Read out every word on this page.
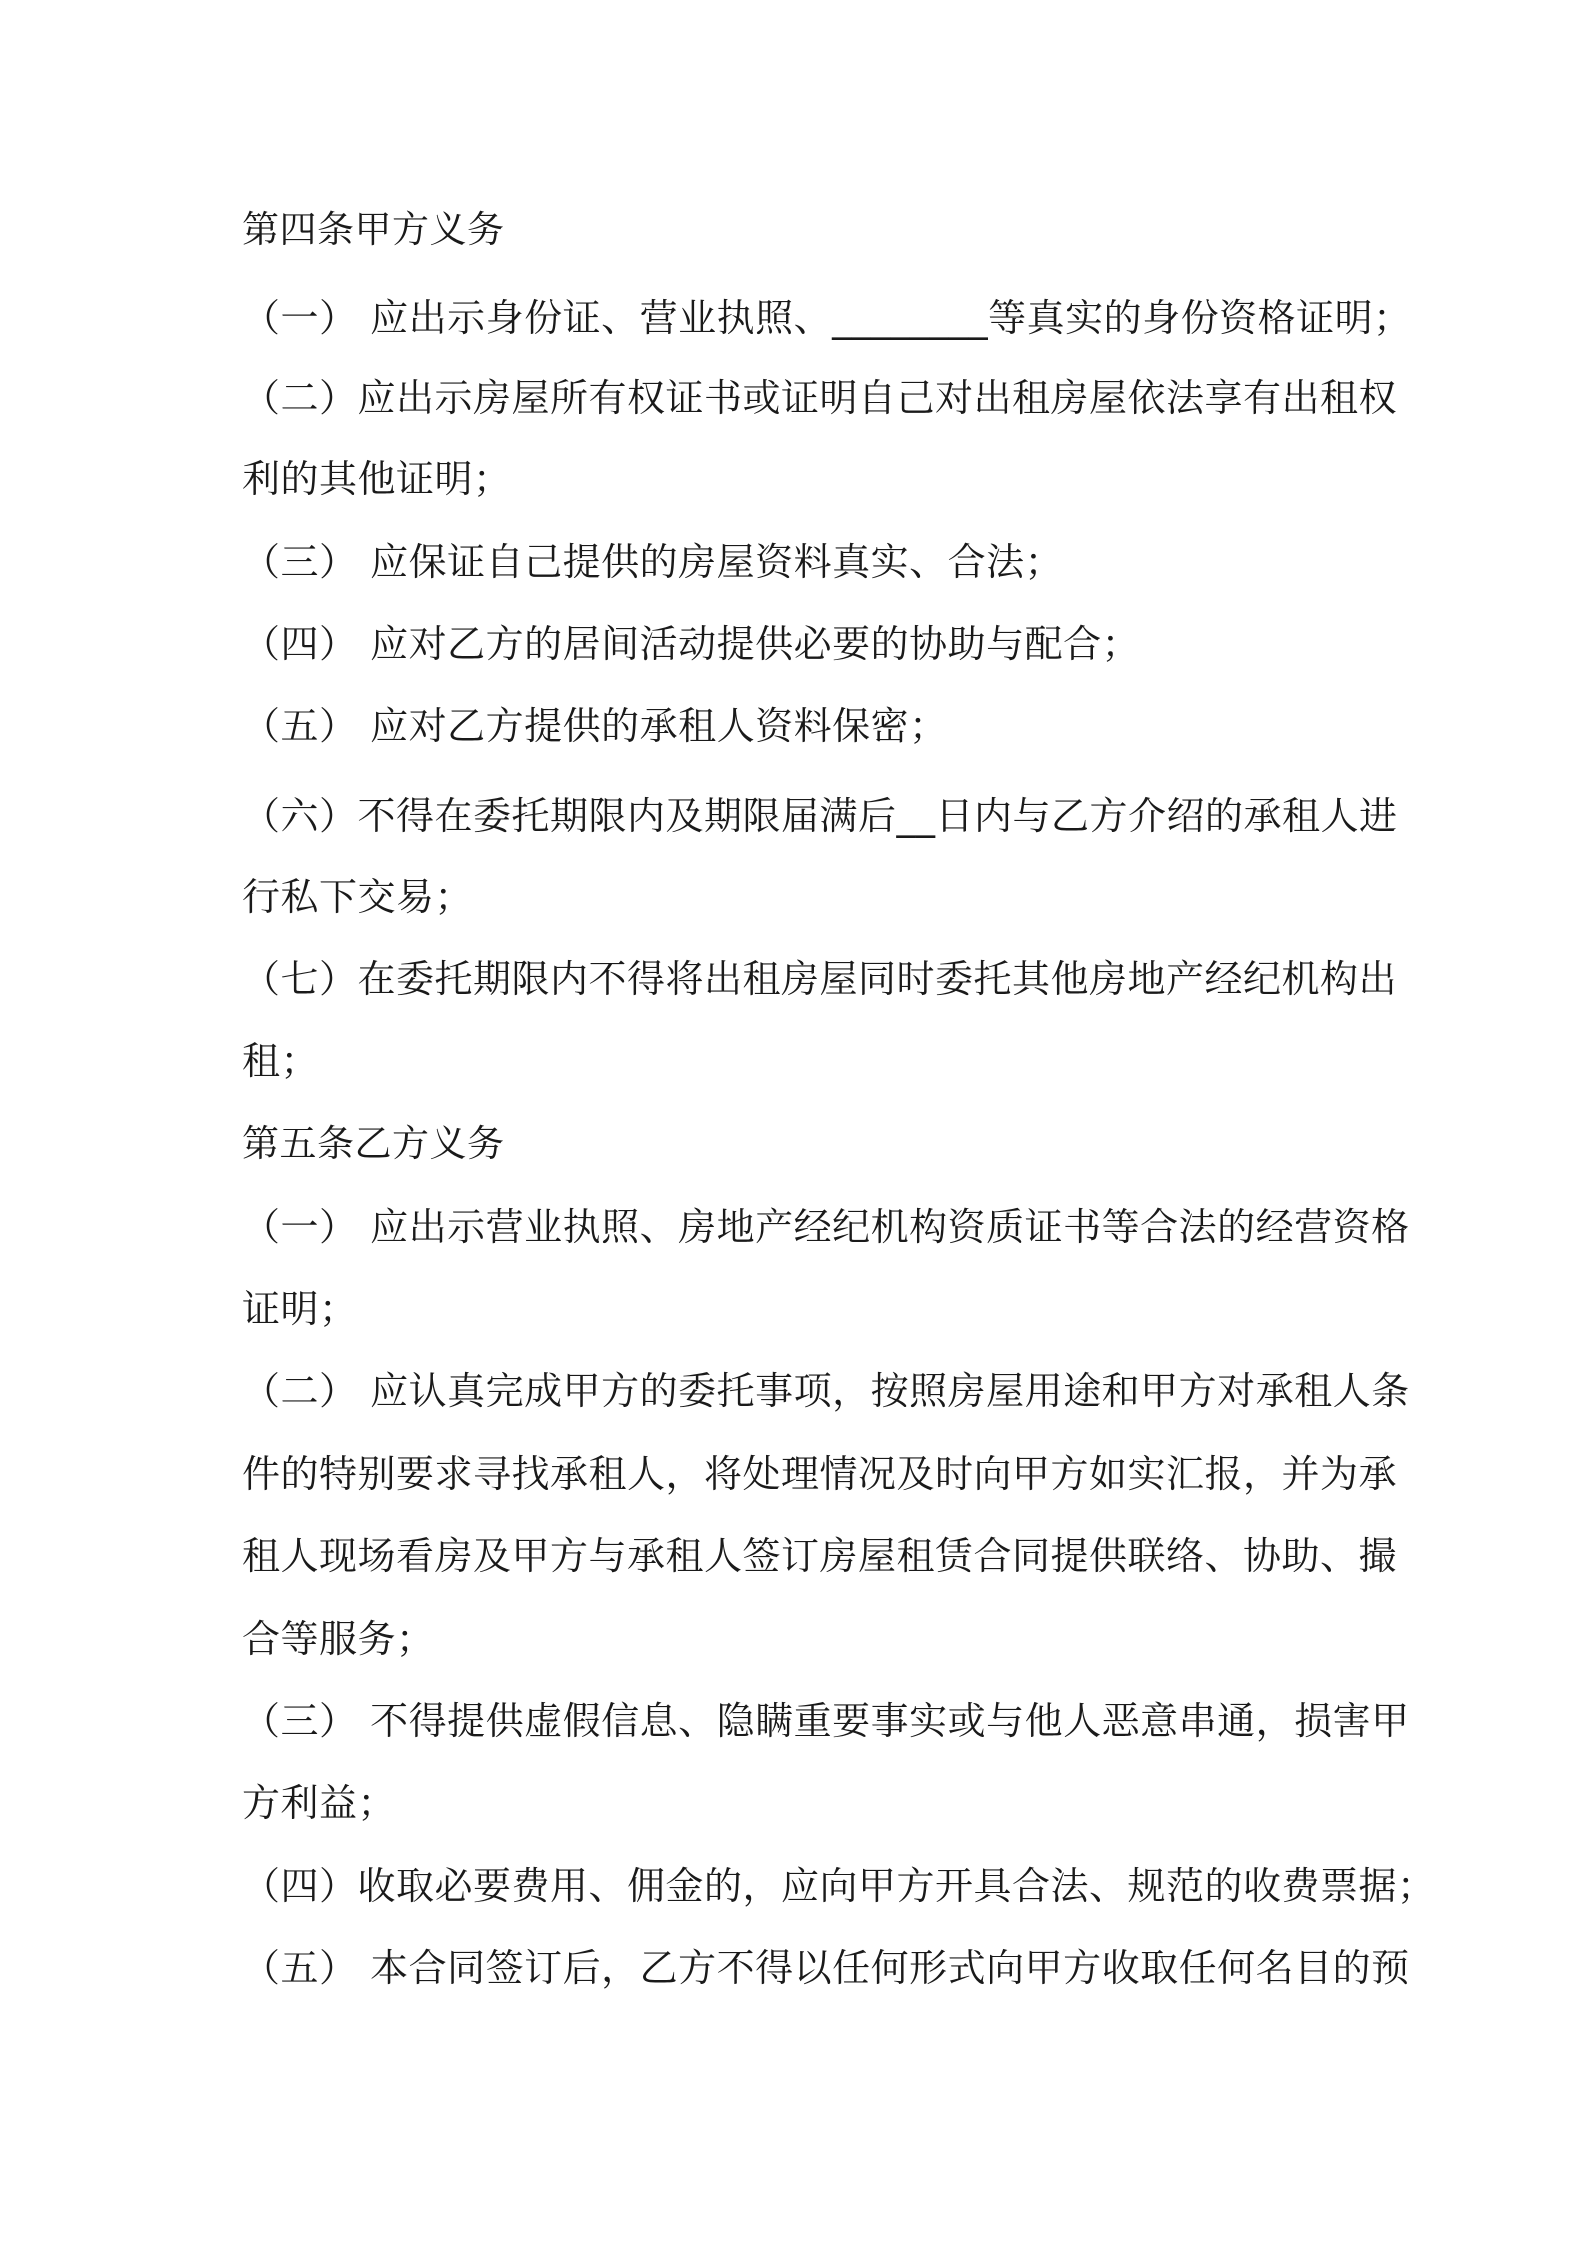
第四条甲方义务
（一） 应出示身份证、营业执照、________等真实的身份资格证明；
（二）应出示房屋所有权证书或证明自己对出租房屋依法享有出租权
利的其他证明；
（三） 应保证自己提供的房屋资料真实、合法；
（四） 应对乙方的居间活动提供必要的协助与配合；
（五） 应对乙方提供的承租人资料保密；
（六）不得在委托期限内及期限届满后__日内与乙方介绍的承租人进
行私下交易；
（七）在委托期限内不得将出租房屋同时委托其他房地产经纪机构出
租；
第五条乙方义务
（一） 应出示营业执照、房地产经纪机构资质证书等合法的经营资格
证明；
（二） 应认真完成甲方的委托事项，按照房屋用途和甲方对承租人条
件的特别要求寻找承租人，将处理情况及时向甲方如实汇报，并为承
租人现场看房及甲方与承租人签订房屋租赁合同提供联络、协助、撮
合等服务；
（三） 不得提供虚假信息、隐瞒重要事实或与他人恶意串通，损害甲
方利益；
（四）收取必要费用、佣金的，应向甲方开具合法、规范的收费票据；
（五） 本合同签订后，乙方不得以任何形式向甲方收取任何名目的预
